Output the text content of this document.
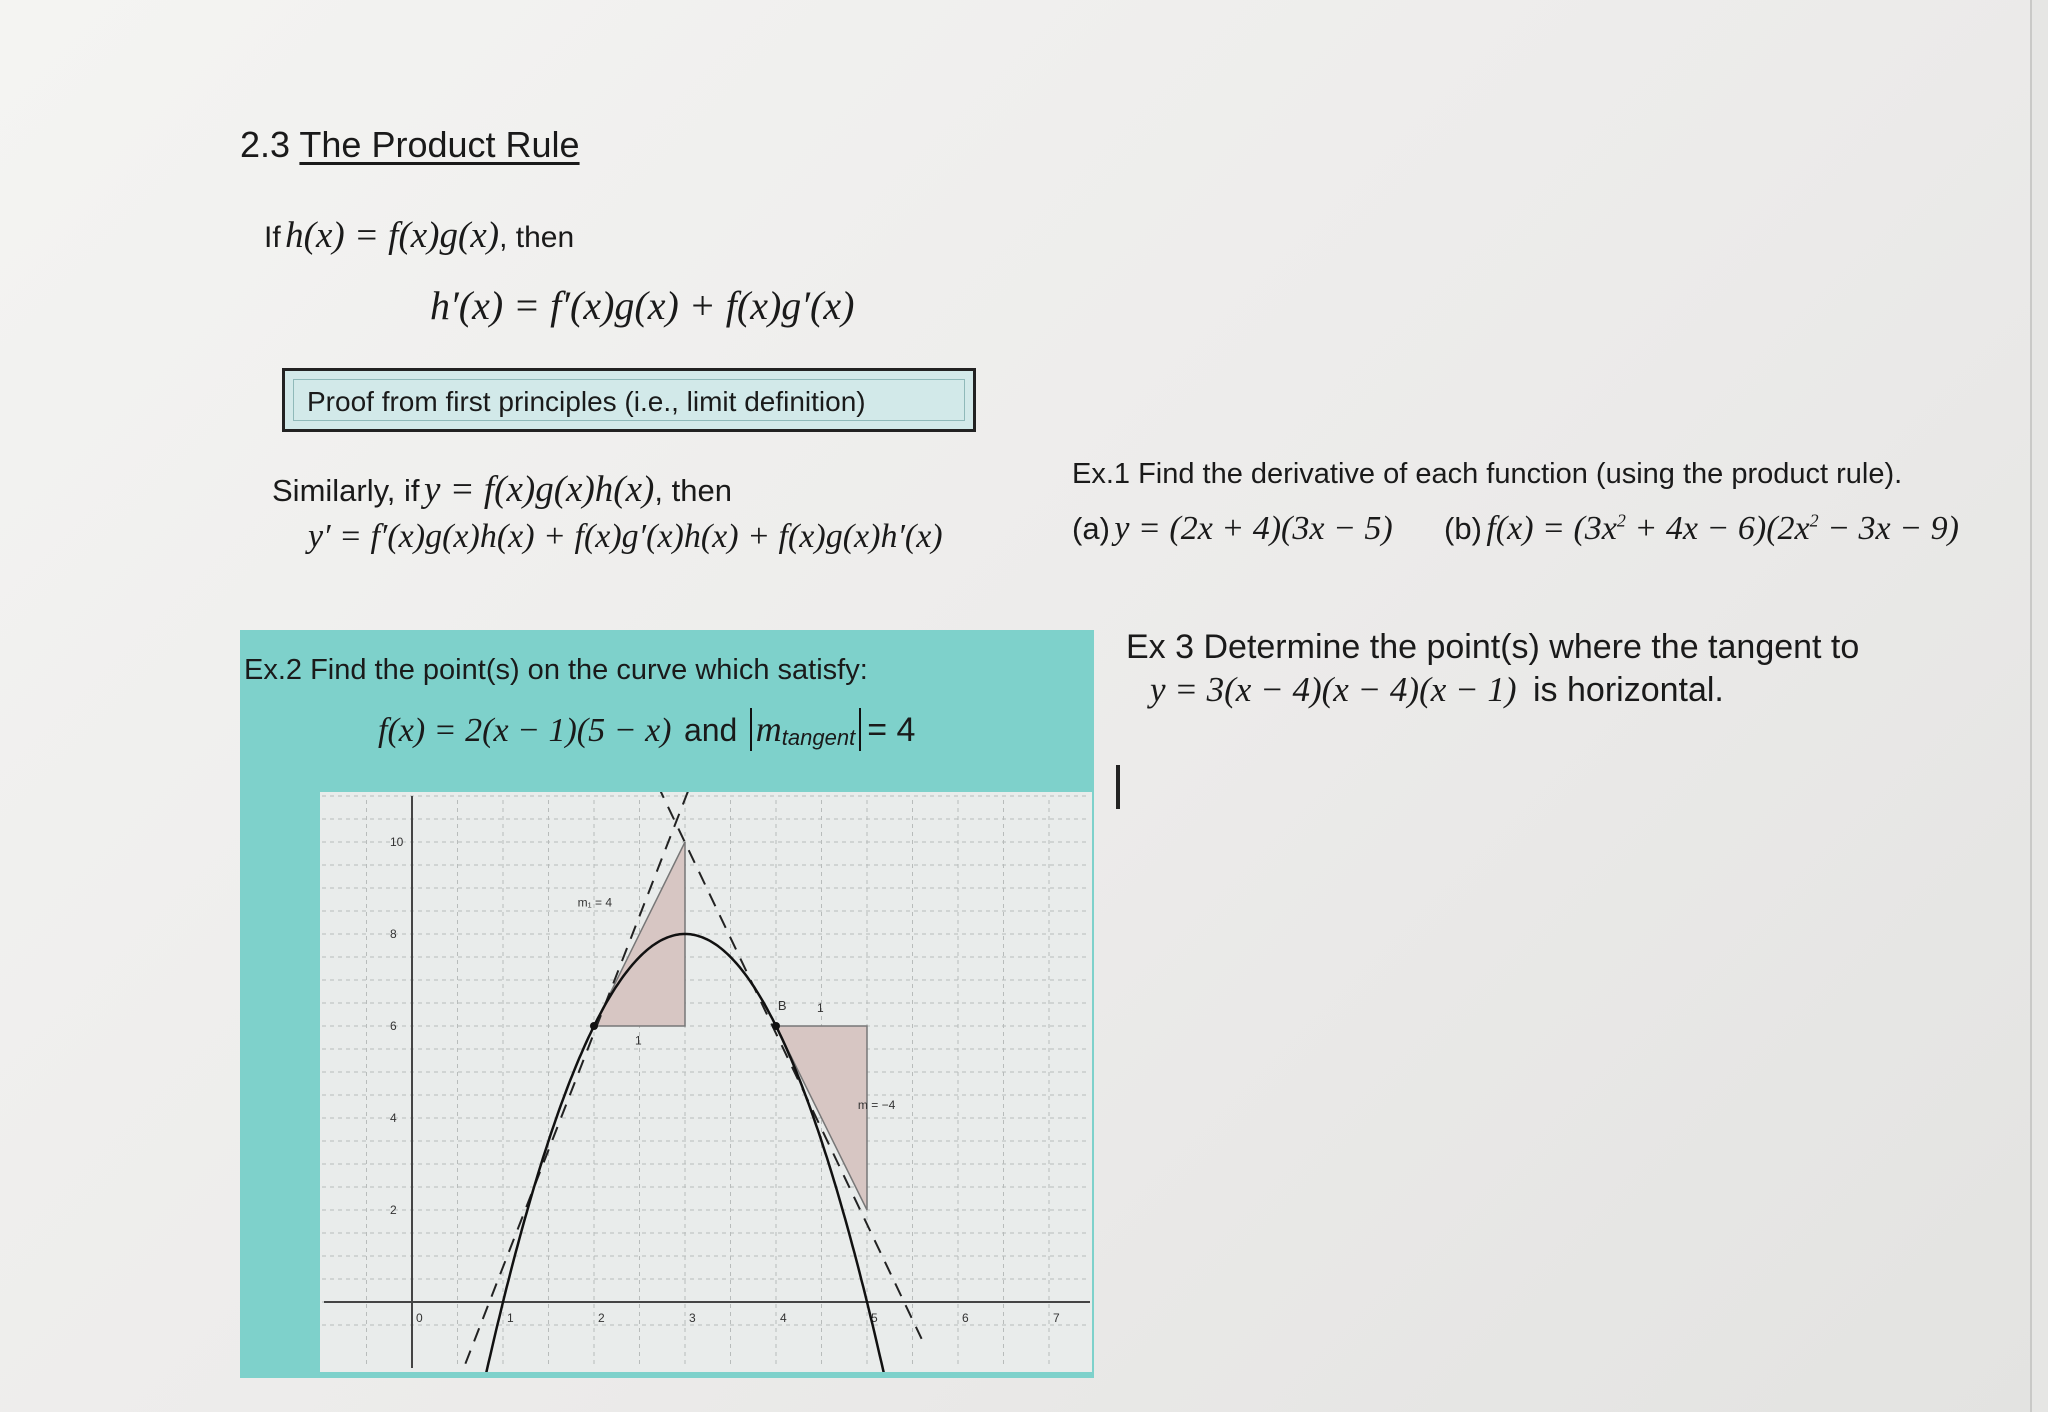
2.3 The Product Rule
If h(x) = f(x)g(x), then
h′(x) = f′(x)g(x) + f(x)g′(x)
Proof from first principles (i.e., limit definition)
Similarly, if y = f(x)g(x)h(x), then
y′ = f′(x)g(x)h(x) + f(x)g′(x)h(x) + f(x)g(x)h′(x)
Ex.1 Find the derivative of each function (using the product rule).
(a) y = (2x + 4)(3x − 5) (b) $f(x) = (3x^2 + 4x - 6)(2x^2 - 3x - 9)$
Ex 3 Determine the point(s) where the tangent to
y = 3(x − 4)(x − 4)(x − 1) is horizontal.
Ex.2 Find the point(s) on the curve which satisfy:
f(x) = 2(x − 1)(5 − x) and $m_{tangent} = 4$
0	1	2	3	4	5	6	7
2
4
6
8
10
m₁ = 4
m = −4
1
1
B
